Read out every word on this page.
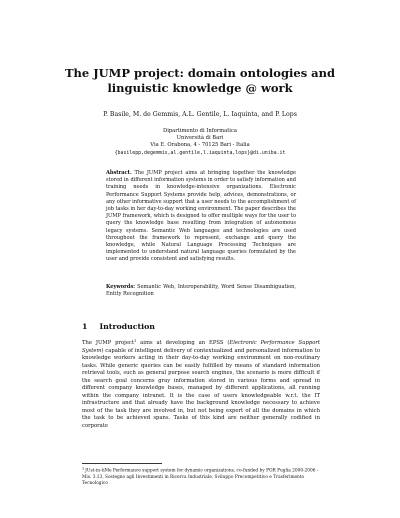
The JUMP project: domain ontologies and
linguistic knowledge @ work
P. Basile, M. de Gemmis, A.L. Gentile, L. Iaquinta, and P. Lops
Dipartimento di Informatica
Università di Bari
Via E. Orabona, 4 - 70125 Bari - Italia
{basilepp,degemmis,al.gentile,l.iaquinta,lops}@di.uniba.it
Abstract. The JUMP project aims at bringing together the knowledge stored in different information systems in order to satisfy information and training needs in knowledge-intensive organizations. Electronic Performance Support Systems provide help, advices, demonstrations, or any other informative support that a user needs to the accomplishment of job tasks in her day-to-day working environment. The paper describes the JUMP framework, which is designed to offer multiple ways for the user to query the knowledge base resulting from integration of autonomous legacy systems. Semantic Web languages and technologies are used throughout the framework to represent, exchange and query the knowledge, while Natural Language Processing Techniques are implemented to understand natural language queries formulated by the user and provide consistent and satisfying results.
Keywords: Semantic Web, Interoperability, Word Sense Disambiguation, Entity Recognition
1 Introduction
The JUMP project$^1$ aims at developing an EPSS (Electronic Performance Support System) capable of intelligent delivery of contextualized and personalized information to knowledge workers acting in their day-to-day working environment on non-routinary tasks. While generic queries can be easily fulfilled by means of standard information retrieval tools, such as general purpose search engines, the scenario is more difficult if the search goal concerns gray information stored in various forms and spread in different company knowledge bases, managed by different applications, all running within the company intranet. It is the case of users knowledgeable w.r.t. the IT infrastructure and that already have the background knowledge necessary to achieve most of the task they are involved in, but not being expert of all the domains in which the task to be achieved spans. Tasks of this kind are neither generally codified in corporate
$^1$JUst-in-tiMe Performance support system for dynamic organizations, co-funded by POR Puglia 2000-2006 - Mis. 3.13, Sostegno agli Investimenti in Ricerca Industriale, Sviluppo Precompetitivo e Trasferimento Tecnologico
